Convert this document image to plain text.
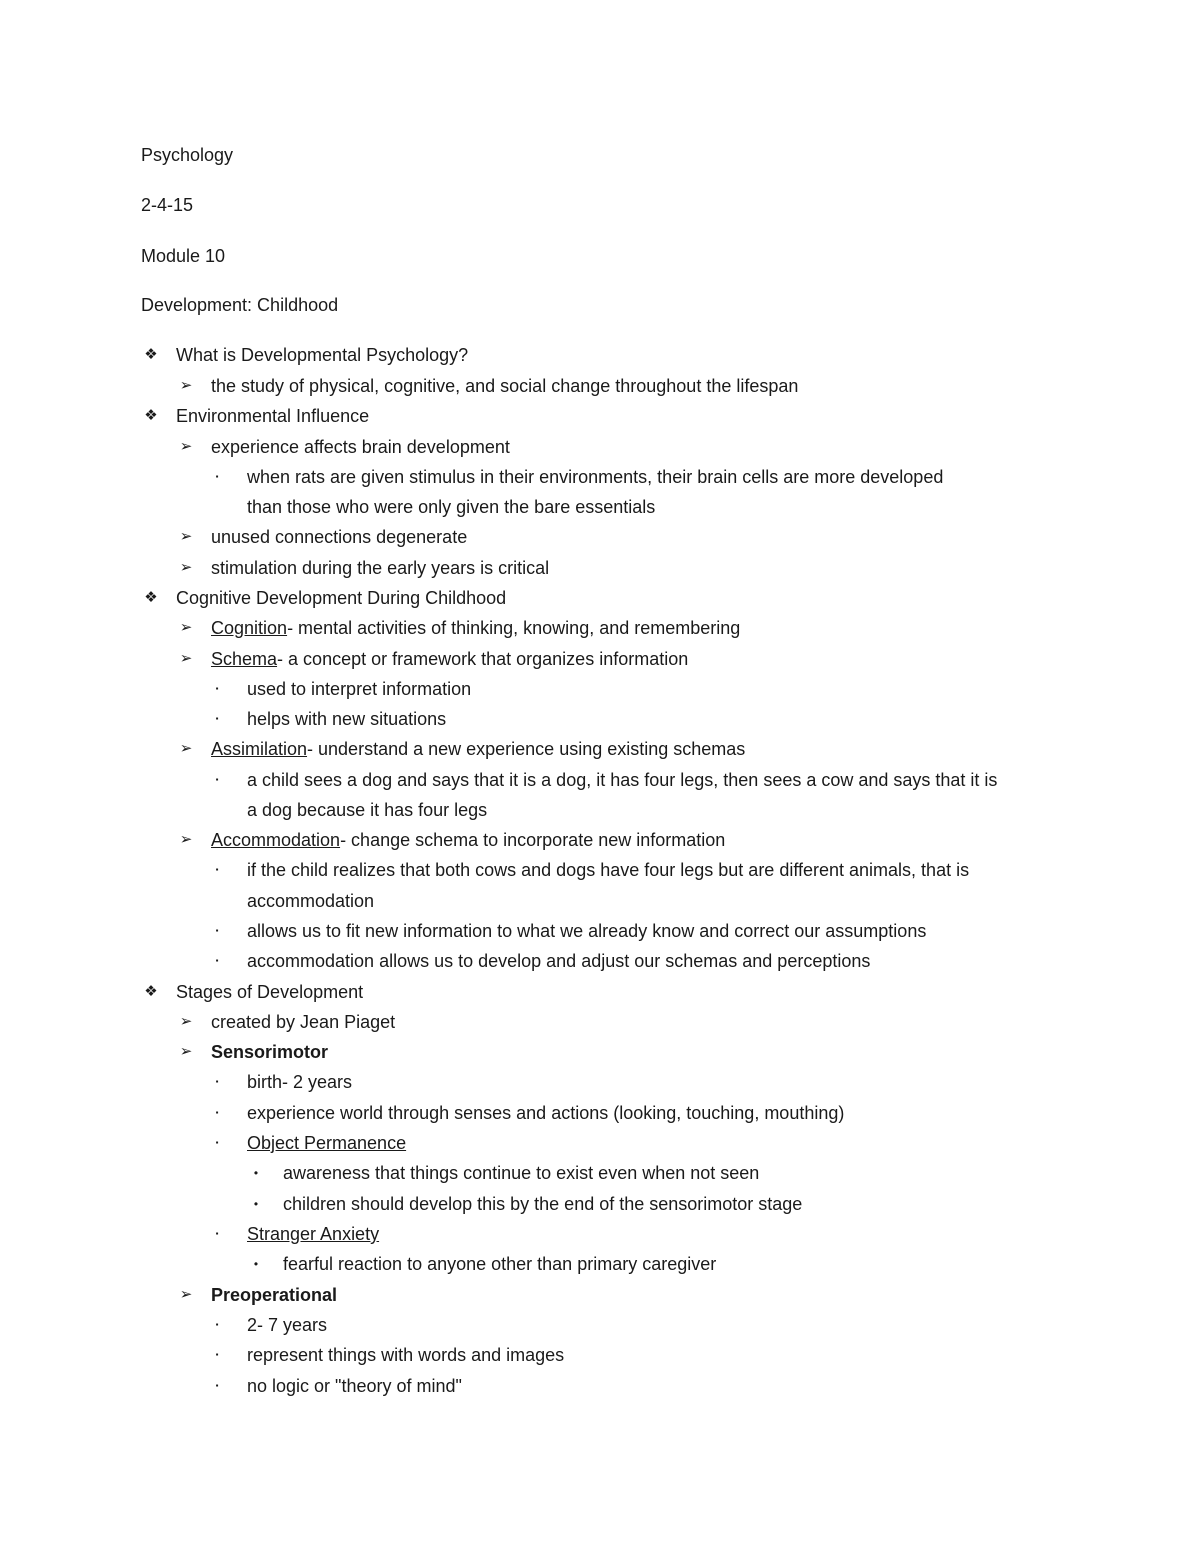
Psychology
2-4-15
Module 10
Development: Childhood
❖ What is Developmental Psychology?
➢ the study of physical, cognitive, and social change throughout the lifespan
❖ Environmental Influence
➢ experience affects brain development
▪	when rats are given stimulus in their environments, their brain cells are more developed
than those who were only given the bare essentials
➢ unused connections degenerate
➢ stimulation during the early years is critical
❖ Cognitive Development During Childhood
➢ Cognition- mental activities of thinking, knowing, and remembering
➢ Schema- a concept or framework that organizes information
▪	used to interpret information
▪	helps with new situations
➢ Assimilation- understand a new experience using existing schemas
▪	a child sees a dog and says that it is a dog, it has four legs, then sees a cow and says that it is
a dog because it has four legs
➢ Accommodation- change schema to incorporate new information
▪	if the child realizes that both cows and dogs have four legs but are different animals, that is
accommodation
▪	allows us to fit new information to what we already know and correct our assumptions
▪	accommodation allows us to develop and adjust our schemas and perceptions
❖ Stages of Development
➢ created by Jean Piaget
➢ Sensorimotor
▪	birth- 2 years
▪	experience world through senses and actions (looking, touching, mouthing)
▪	Object Permanence
• awareness that things continue to exist even when not seen
• children should develop this by the end of the sensorimotor stage
▪	Stranger Anxiety
• fearful reaction to anyone other than primary caregiver
➢ Preoperational
▪	2- 7 years
▪	represent things with words and images
▪	no logic or "theory of mind"
